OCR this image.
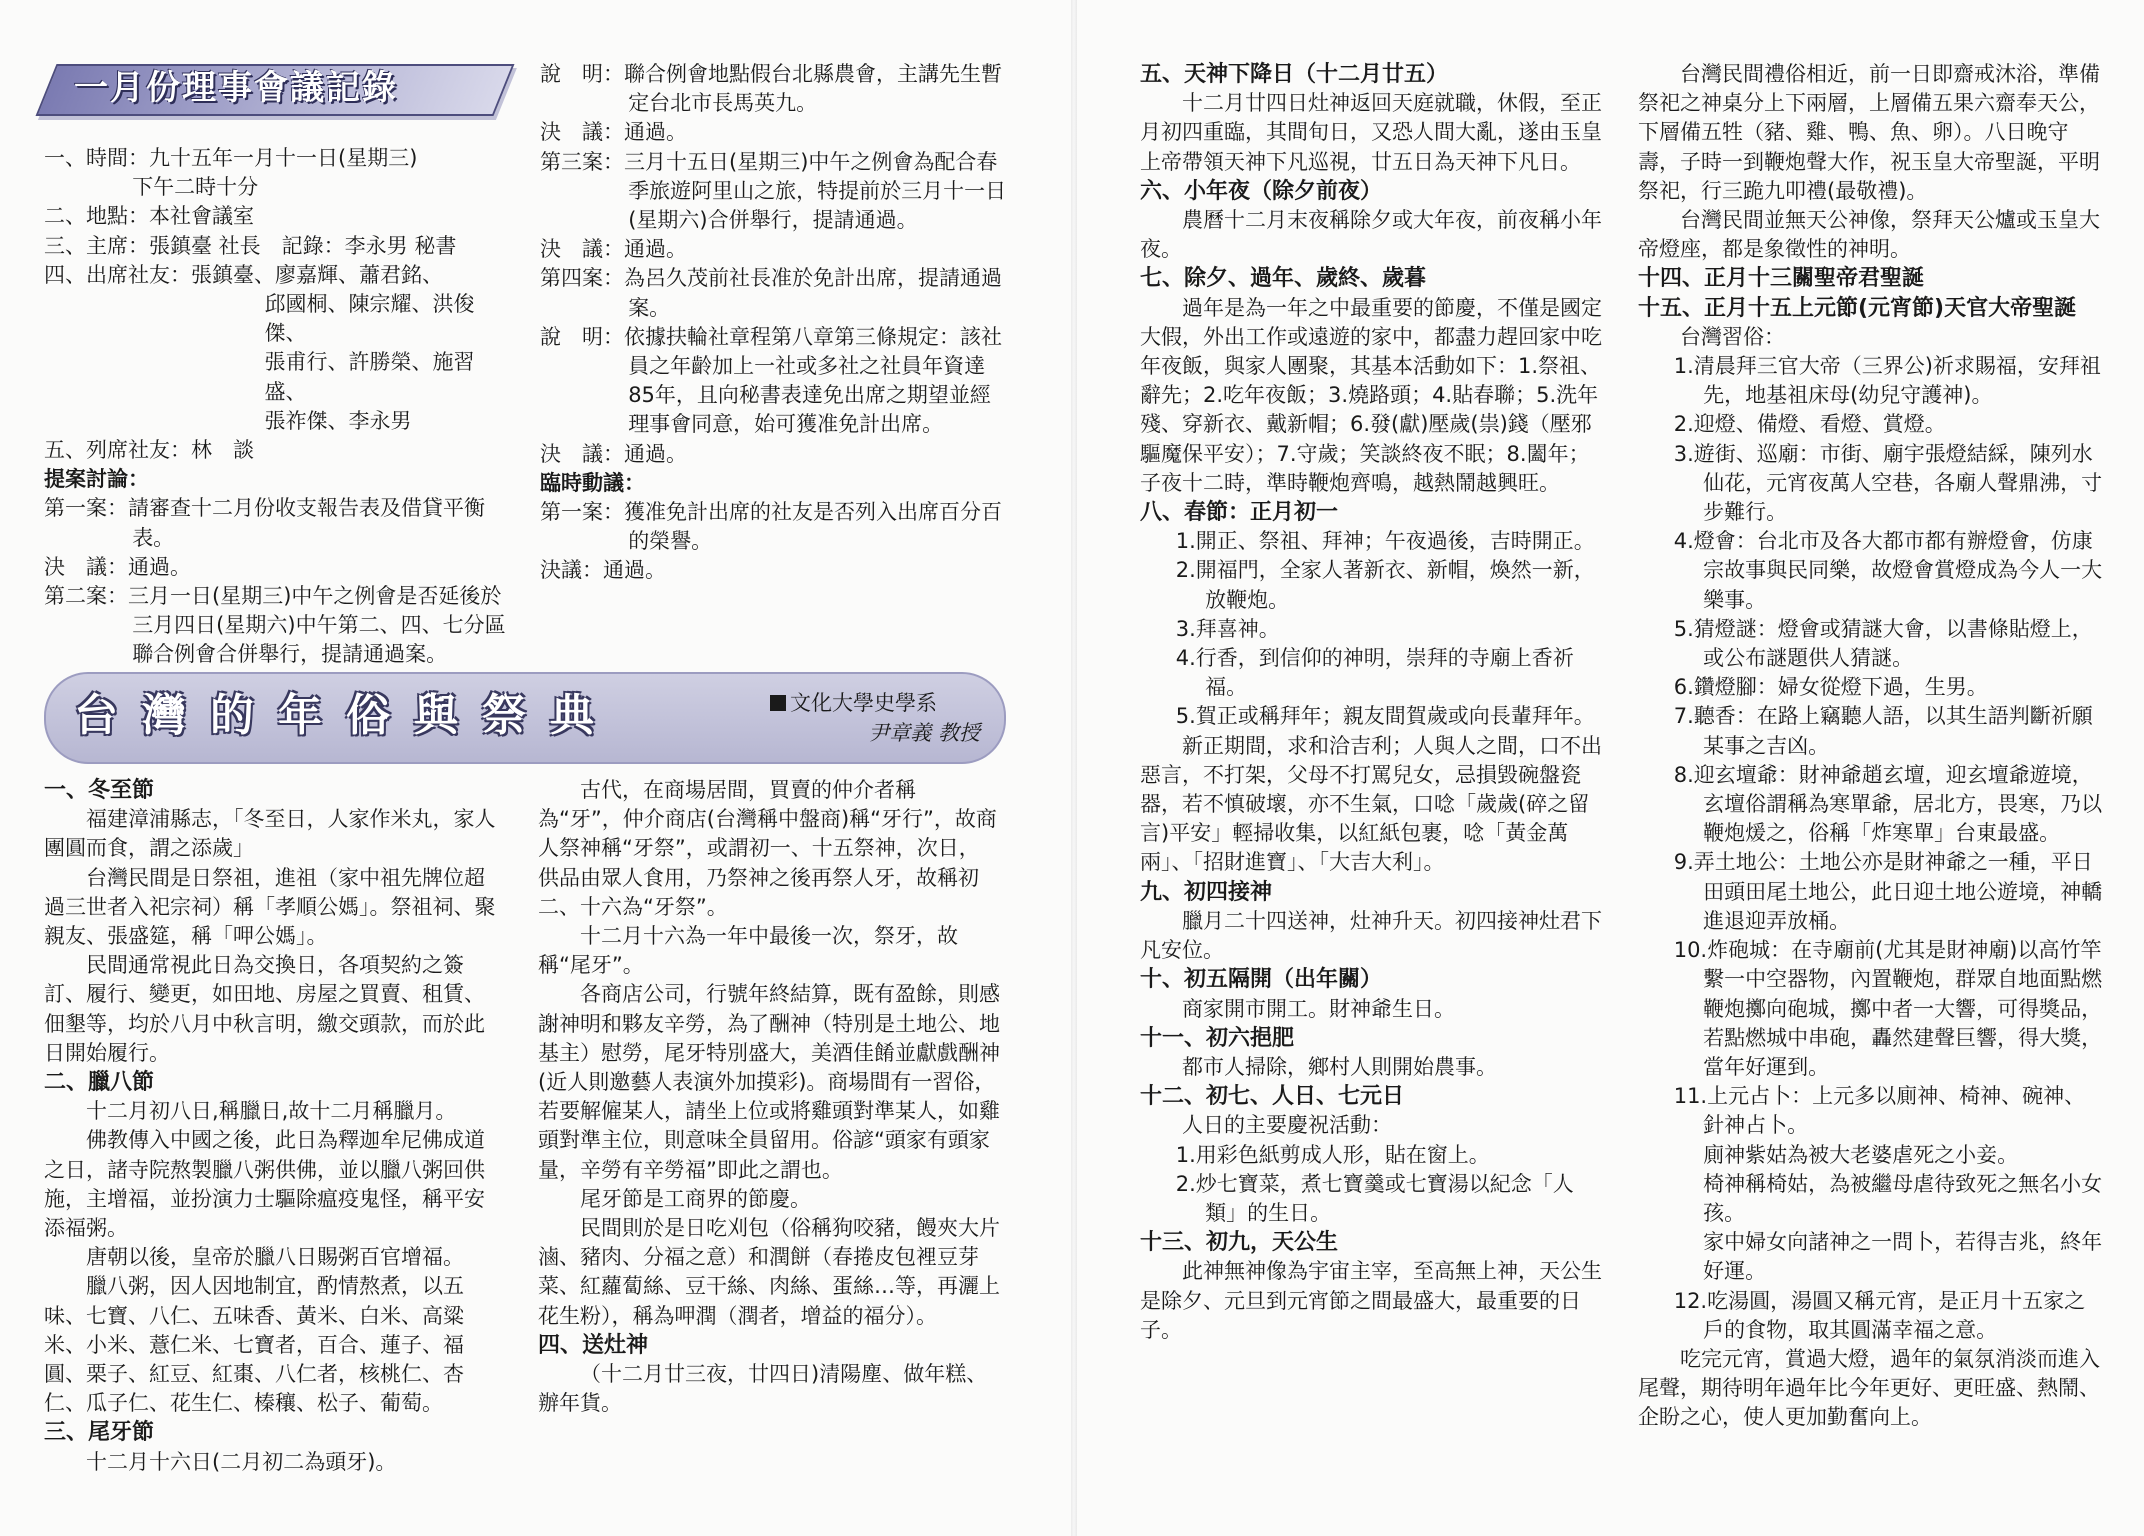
一月份理事會議記錄

一、時間：九十五年一月十一日(星期三)

下午二時十分

二、地點：本社會議室

三、主席：張鎮臺 社長　記錄：李永男 秘書

四、出席社友：張鎮臺、廖嘉輝、蕭君銘、

邱國桐、陳宗耀、洪俊傑、

張甫行、許勝榮、施習盛、

張祚傑、李永男

五、列席社友：林　談

提案討論：

第一案：請審查十二月份收支報告表及借貸平衡表。

決　議：通過。

第二案：三月一日(星期三)中午之例會是否延後於三月四日(星期六)中午第二、四、七分區聯合例會合併舉行，提請通過案。

說　明：聯合例會地點假台北縣農會，主講先生暫定台北市長馬英九。

決　議：通過。

第三案：三月十五日(星期三)中午之例會為配合春季旅遊阿里山之旅，特提前於三月十一日(星期六)合併舉行，提請通過。

決　議：通過。

第四案：為呂久茂前社長准於免計出席，提請通過案。

說　明：依據扶輪社章程第八章第三條規定：該社員之年齡加上一社或多社之社員年資達85年，且向秘書表達免出席之期望並經理事會同意，始可獲准免計出席。

決　議：通過。

臨時動議：

第一案：獲准免計出席的社友是否列入出席百分百的榮譽。

決議：通過。

台灣的年俗與祭典	文化大學史學系
尹章義 教授

一、冬至節

福建漳浦縣志，「冬至日，人家作米丸，家人團圓而食，謂之添歲」

台灣民間是日祭祖，進祖（家中祖先牌位超過三世者入祀宗祠）稱「孝順公媽」。祭祖祠、聚親友、張盛筵，稱「呷公媽」。

民間通常視此日為交換日，各項契約之簽訂、履行、變更，如田地、房屋之買賣、租賃、佃墾等，均於八月中秋言明，繳交頭款，而於此日開始履行。

二、臘八節

十二月初八日,稱臘日,故十二月稱臘月。

佛教傳入中國之後，此日為釋迦牟尼佛成道之日，諸寺院熬製臘八粥供佛，並以臘八粥回供施，主增福，並扮演力士驅除瘟疫鬼怪，稱平安添福粥。

唐朝以後，皇帝於臘八日賜粥百官增福。

臘八粥，因人因地制宜，酌情熬煮，以五味、七寶、八仁、五味香、黃米、白米、高粱米、小米、薏仁米、七寶者，百合、蓮子、福圓、栗子、紅豆、紅棗、八仁者，核桃仁、杏仁、瓜子仁、花生仁、榛穰、松子、葡萄。

三、尾牙節

十二月十六日(二月初二為頭牙)。

古代，在商場居間，買賣的仲介者稱為“牙”，仲介商店(台灣稱中盤商)稱“牙行”，故商人祭神稱“牙祭”，或謂初一、十五祭神，次日，供品由眾人食用，乃祭神之後再祭人牙，故稱初二、十六為“牙祭”。

十二月十六為一年中最後一次，祭牙，故稱“尾牙”。

各商店公司，行號年終結算，既有盈餘，則感謝神明和夥友辛勞，為了酬神（特別是土地公、地基主）慰勞，尾牙特別盛大，美酒佳餚並獻戲酬神(近人則邀藝人表演外加摸彩)。商場間有一習俗，若要解僱某人，請坐上位或將雞頭對準某人，如雞頭對準主位，則意味全員留用。俗諺“頭家有頭家量，辛勞有辛勞福”即此之謂也。

尾牙節是工商界的節慶。

民間則於是日吃刈包（俗稱狗咬豬，饅夾大片滷、豬肉、分福之意）和潤餅（春捲皮包裡豆芽菜、紅蘿蔔絲、豆干絲、肉絲、蛋絲…等，再灑上花生粉），稱為呷潤（潤者，增益的福分）。

四、送灶神

（十二月廿三夜，廿四日)清陽塵、做年糕、辦年貨。

五、天神下降日（十二月廿五）

十二月廿四日灶神返回天庭就職，休假，至正月初四重臨，其間旬日，又恐人間大亂，遂由玉皇上帝帶領天神下凡巡視，廿五日為天神下凡日。

六、小年夜（除夕前夜）

農曆十二月末夜稱除夕或大年夜，前夜稱小年夜。

七、除夕、過年、歲終、歲暮

過年是為一年之中最重要的節慶，不僅是國定大假，外出工作或遠遊的家中，都盡力趕回家中吃年夜飯，與家人團聚，其基本活動如下：1.祭祖、辭先；2.吃年夜飯；3.燒路頭；4.貼春聯；5.洗年殘、穿新衣、戴新帽；6.發(獻)壓歲(祟)錢（壓邪驅魔保平安）；7.守歲；笑談終夜不眠；8.闔年；子夜十二時，準時鞭炮齊鳴，越熱鬧越興旺。

八、春節：正月初一

1.開正、祭祖、拜神；午夜過後，吉時開正。

2.開福門，全家人著新衣、新帽，煥然一新，放鞭炮。

3.拜喜神。

4.行香，到信仰的神明，崇拜的寺廟上香祈福。

5.賀正或稱拜年；親友間賀歲或向長輩拜年。

新正期間，求和洽吉利；人與人之間，口不出惡言，不打架，父母不打罵兒女，忌損毀碗盤瓷器，若不慎破壞，亦不生氣，口唸「歲歲(碎之留言)平安」輕掃收集，以紅紙包裹，唸「黃金萬兩」、「招財進寶」、「大吉大利」。

九、初四接神

臘月二十四送神，灶神升天。初四接神灶君下凡安位。

十、初五隔開（出年關）

商家開市開工。財神爺生日。

十一、初六挹肥

都市人掃除，鄉村人則開始農事。

十二、初七、人日、七元日

人日的主要慶祝活動：

1.用彩色紙剪成人形，貼在窗上。

2.炒七寶菜，煮七寶羹或七寶湯以紀念「人類」的生日。

十三、初九，天公生

此神無神像為宇宙主宰，至高無上神，天公生是除夕、元旦到元宵節之間最盛大，最重要的日子。

台灣民間禮俗相近，前一日即齋戒沐浴，準備祭祀之神桌分上下兩層，上層備五果六齋奉天公，下層備五牲（豬、雞、鴨、魚、卵）。八日晚守壽，子時一到鞭炮聲大作，祝玉皇大帝聖誕，平明祭祀，行三跪九叩禮(最敬禮)。

台灣民間並無天公神像，祭拜天公爐或玉皇大帝燈座，都是象徵性的神明。

十四、正月十三關聖帝君聖誕

十五、正月十五上元節(元宵節)天官大帝聖誕

台灣習俗：

1.清晨拜三官大帝（三界公)祈求賜福，安拜祖先，地基祖床母(幼兒守護神)。

2.迎燈、備燈、看燈、賞燈。

3.遊街、巡廟：市街、廟宇張燈結綵，陳列水仙花，元宵夜萬人空巷，各廟人聲鼎沸，寸步難行。

4.燈會：台北市及各大都市都有辦燈會，仿康宗故事與民同樂，故燈會賞燈成為今人一大樂事。

5.猜燈謎：燈會或猜謎大會，以書條貼燈上，或公布謎題供人猜謎。

6.鑽燈腳：婦女從燈下過，生男。

7.聽香：在路上竊聽人語，以其生語判斷祈願某事之吉凶。

8.迎玄壇爺：財神爺趙玄壇，迎玄壇爺遊境，玄壇俗謂稱為寒單爺，居北方，畏寒，乃以鞭炮煖之，俗稱「炸寒單」台東最盛。

9.弄土地公：土地公亦是財神爺之一種，平日田頭田尾土地公，此日迎土地公遊境，神轎進退迎弄放桶。

10.炸砲城：在寺廟前(尤其是財神廟)以高竹竿繫一中空器物，內置鞭炮，群眾自地面點燃鞭炮擲向砲城，擲中者一大響，可得獎品，若點燃城中串砲，轟然建聲巨響，得大獎，當年好運到。

11.上元占卜：上元多以廁神、椅神、碗神、針神占卜。

廁神紫姑為被大老婆虐死之小妾。

椅神稱椅姑，為被繼母虐待致死之無名小女孩。

家中婦女向諸神之一問卜，若得吉兆，終年好運。

12.吃湯圓，湯圓又稱元宵，是正月十五家之戶的食物，取其圓滿幸福之意。

吃完元宵，賞過大燈，過年的氣氛消淡而進入尾聲，期待明年過年比今年更好、更旺盛、熱鬧、企盼之心，使人更加勤奮向上。
